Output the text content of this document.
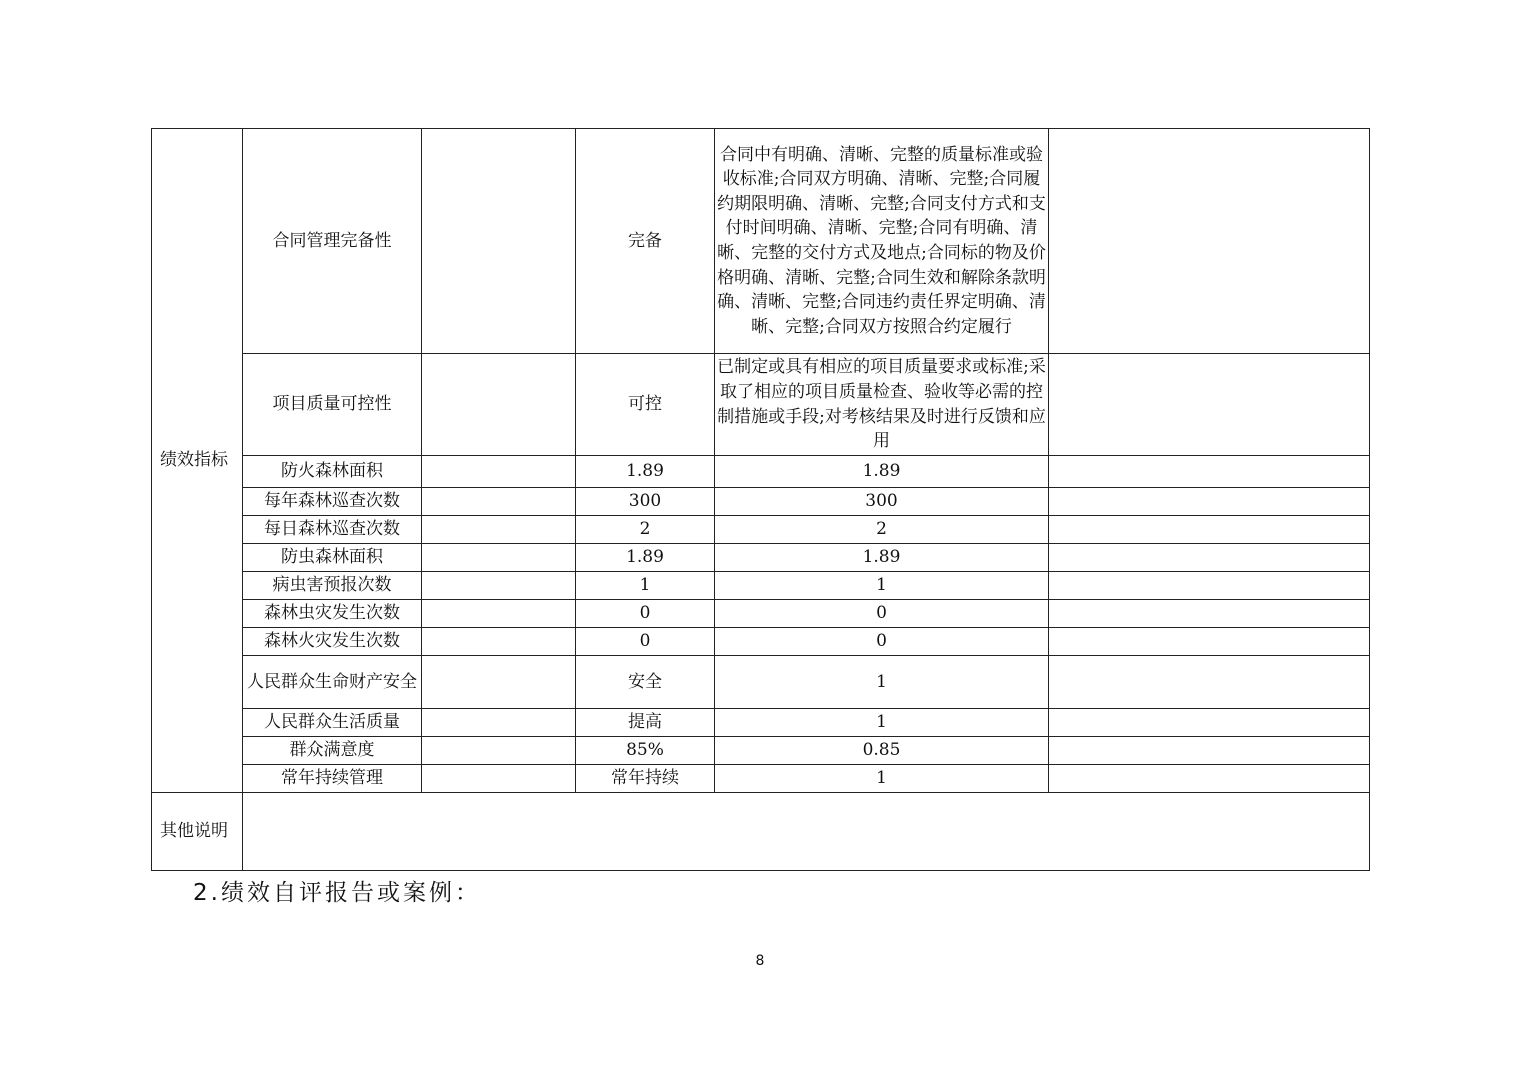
绩效指标	合同管理完备性		完备	合同中有明确、清晰、完整的质量标准或验收标准;合同双方明确、清晰、完整;合同履约期限明确、清晰、完整;合同支付方式和支付时间明确、清晰、完整;合同有明确、清晰、完整的交付方式及地点;合同标的物及价格明确、清晰、完整;合同生效和解除条款明确、清晰、完整;合同违约责任界定明确、清晰、完整;合同双方按照合约定履行	
	项目质量可控性		可控	已制定或具有相应的项目质量要求或标准;采取了相应的项目质量检查、验收等必需的控制措施或手段;对考核结果及时进行反馈和应用	
	防火森林面积		1.89	1.89	
	每年森林巡查次数		300	300	
	每日森林巡查次数		2	2	
	防虫森林面积		1.89	1.89	
	病虫害预报次数		1	1	
	森林虫灾发生次数		0	0	
	森林火灾发生次数		0	0	
	人民群众生命财产安全		安全	1	
	人民群众生活质量		提高	1	
	群众满意度		85%	0.85	
	常年持续管理		常年持续	1	
其他说明					
2.绩效自评报告或案例：
8
